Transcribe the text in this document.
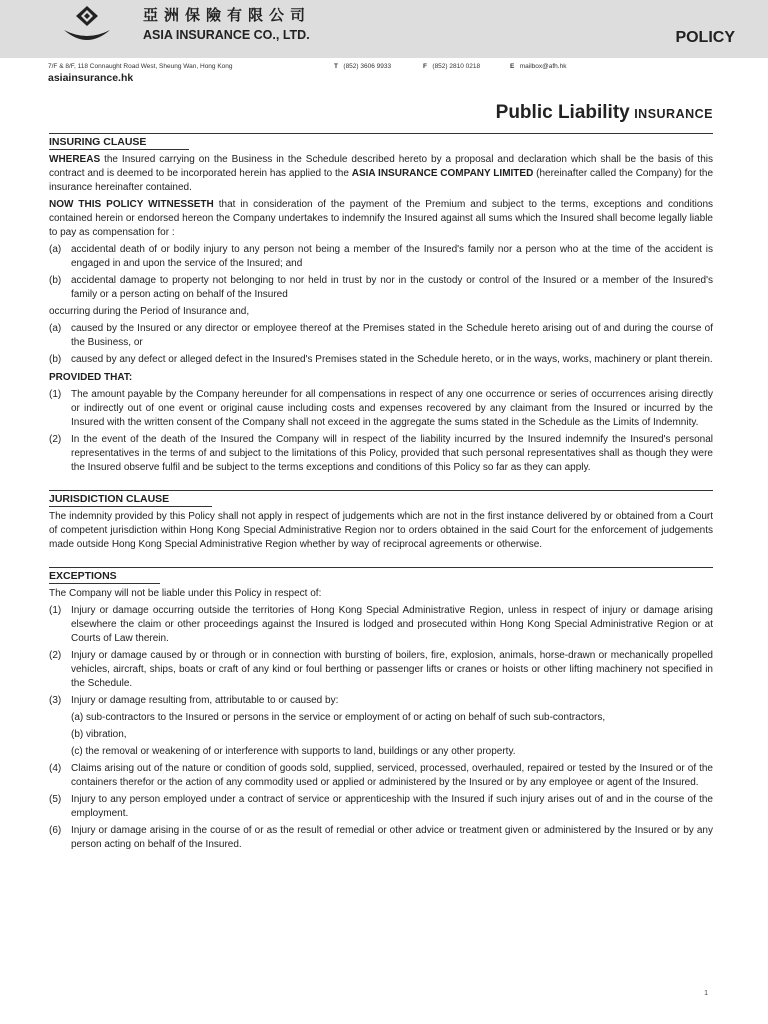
亞洲保險有限公司
ASIA INSURANCE CO., LTD.	POLICY
7/F & 8/F, 118 Connaught Road West, Sheung Wan, Hong Kong	T (852) 3606 9933	F (852) 2810 0218	E mailbox@afh.hk
asiainsurance.hk
Public Liability INSURANCE
INSURING CLAUSE

WHEREAS the Insured carrying on the Business in the Schedule described hereto by a proposal and declaration which shall be the basis of this contract and is deemed to be incorporated herein has applied to the ASIA INSURANCE COMPANY LIMITED (hereinafter called the Company) for the insurance hereinafter contained.

NOW THIS POLICY WITNESSETH that in consideration of the payment of the Premium and subject to the terms, exceptions and conditions contained herein or endorsed hereon the Company undertakes to indemnify the Insured against all sums which the Insured shall become legally liable to pay as compensation for :

(a) accidental death of or bodily injury to any person not being a member of the Insured's family nor a person who at the time of the accident is engaged in and upon the service of the Insured; and
(b) accidental damage to property not belonging to nor held in trust by nor in the custody or control of the Insured or a member of the Insured's family or a person acting on behalf of the Insured

occurring during the Period of Insurance and,

(a) caused by the Insured or any director or employee thereof at the Premises stated in the Schedule hereto arising out of and during the course of the Business, or
(b) caused by any defect or alleged defect in the Insured's Premises stated in the Schedule hereto, or in the ways, works, machinery or plant therein.
PROVIDED THAT:
(1) The amount payable by the Company hereunder for all compensations in respect of any one occurrence or series of occurrences arising directly or indirectly out of one event or original cause including costs and expenses recovered by any claimant from the Insured or incurred by the Insured with the written consent of the Company shall not exceed in the aggregate the sums stated in the Schedule as the Limits of Indemnity.
(2) In the event of the death of the Insured the Company will in respect of the liability incurred by the Insured indemnify the Insured's personal representatives in the terms of and subject to the limitations of this Policy, provided that such personal representatives shall as though they were the Insured observe fulfil and be subject to the terms exceptions and conditions of this Policy so far as they can apply.
JURISDICTION CLAUSE

The indemnity provided by this Policy shall not apply in respect of judgements which are not in the first instance delivered by or obtained from a Court of competent jurisdiction within Hong Kong Special Administrative Region nor to orders obtained in the said Court for the enforcement of judgements made outside Hong Kong Special Administrative Region whether by way of reciprocal agreements or otherwise.

EXCEPTIONS

The Company will not be liable under this Policy in respect of:

(1) Injury or damage occurring outside the territories of Hong Kong Special Administrative Region, unless in respect of injury or damage arising elsewhere the claim or other proceedings against the Insured is lodged and prosecuted within Hong Kong Special Administrative Region or at Courts of Law therein.
(2) Injury or damage caused by or through or in connection with bursting of boilers, fire, explosion, animals, horse-drawn or mechanically propelled vehicles, aircraft, ships, boats or craft of any kind or foul berthing or passenger lifts or cranes or hoists or other lifting machinery not specified in the Schedule.
(3) Injury or damage resulting from, attributable to or caused by:
(a) sub-contractors to the Insured or persons in the service or employment of or acting on behalf of such sub-contractors,
(b) vibration,
(c) the removal or weakening of or interference with supports to land, buildings or any other property.
(4) Claims arising out of the nature or condition of goods sold, supplied, serviced, processed, overhauled, repaired or tested by the Insured or of the containers therefor or the action of any commodity used or applied or administered by the Insured or by any employee or agent of the Insured.
(5) Injury to any person employed under a contract of service or apprenticeship with the Insured if such injury arises out of and in the course of the employment.
(6) Injury or damage arising in the course of or as the result of remedial or other advice or treatment given or administered by the Insured or by any person acting on behalf of the Insured.
1
